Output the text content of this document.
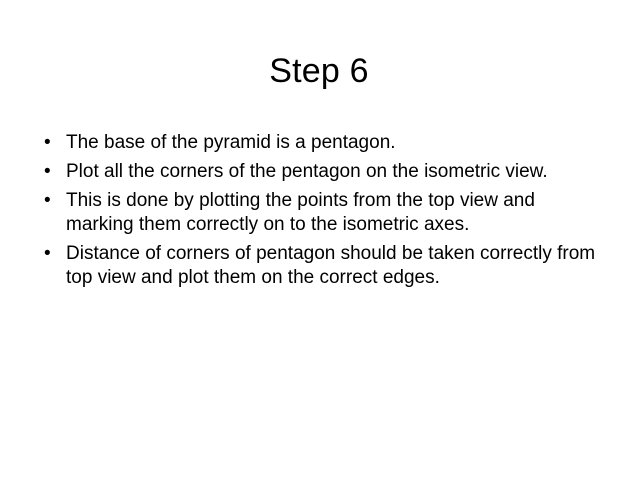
Step 6
• The base of the pyramid is a pentagon.
• Plot all the corners of the pentagon on the isometric view.
• This is done by plotting the points from the top view and marking them correctly on to the isometric axes.
• Distance of corners of pentagon should be taken correctly from top view and plot them on the correct edges.
